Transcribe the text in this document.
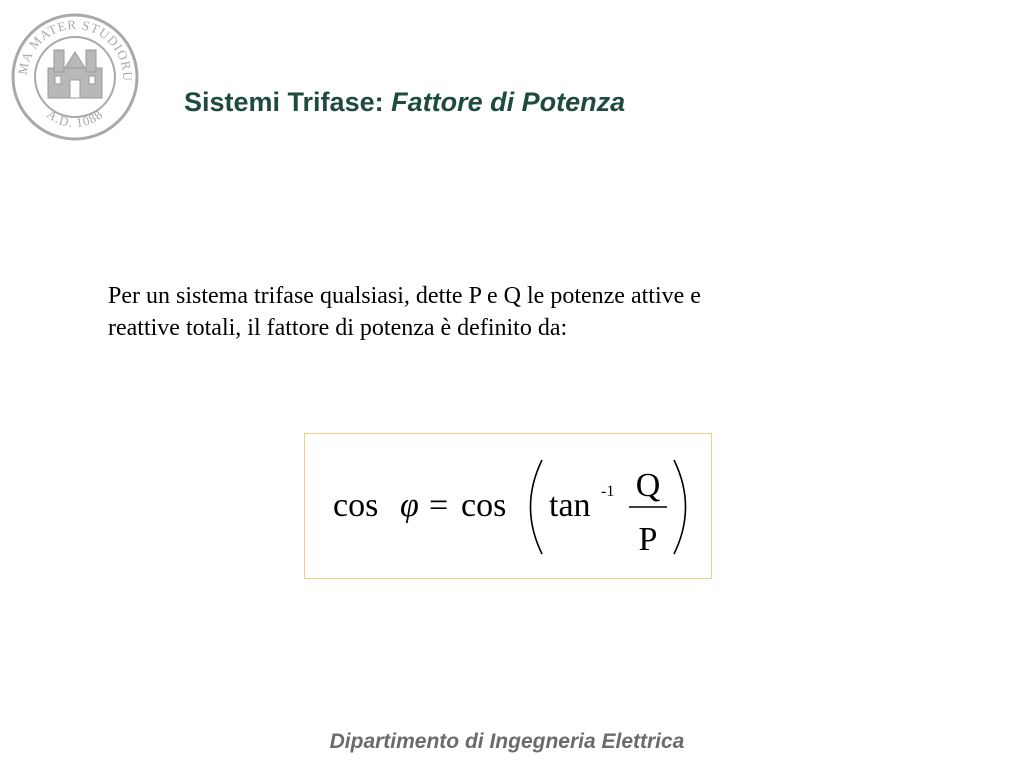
MA MATER STUDIORU
A.D. 1088	Sistemi Trifase: Fattore di Potenza
Per un sistema trifase qualsiasi, dette P e Q le potenze attive e
reattive totali, il fattore di potenza è definito da:
cos φ = cos tan -1 Q
P
Dipartimento di Ingegneria Elettrica
